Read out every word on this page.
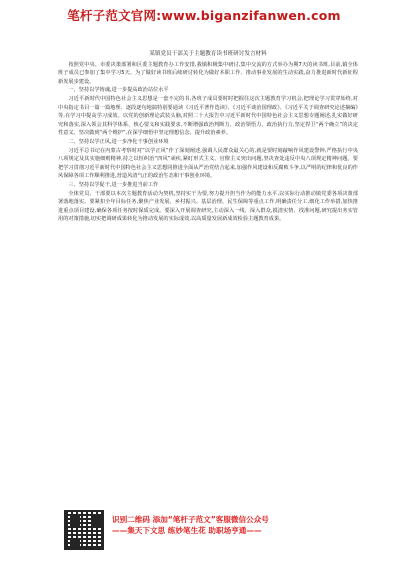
笔杆子范文官网:www.biganzifanwen.com
某镇党员干部关于主题教育读书班研讨发言材料

按照党中央、市委决策部署和区委主题教育办工作安排,我镇积极集中研讨,集中交流的方式举办为期7天的读书班,目前,镇全体班子成员已参加了集中学习5天。为了做好读书班后续研讨转化为做好本职工作、推动事业发展的生动实践,奋力推进新时代新征程新发展步建设。

一、坚持以学铸魂,进一步提高政治站位水平

习近平新时代中国特色社会主义思想是一套不完的书,各班子成员要时时把握住这次主题教育学习机会,把理论学习贯穿始终,对中央指定书目一篇一篇地理、逐段逐句地搞特别要通读《习近平著作选读》、《习近平谈治国理政》、《习近平关于调查研究论述摘编》等,在学习中提高学习成效。以党的创新理论武装头脑,对照二十大报告中习近平新时代中国特色社会主义思想专题阐述,扎实做好研究和落实,深入领会其科学体系、核心要义和实践要求,不断增强政治判断力、政治领悟力、政治执行力,坚定捍卫“两个确立”的决定性意义、坚决做到“两个维护”,在深学细悟中坚定理想信念、提升政治素养。

二、坚持以学正风,进一步净化干事创业环境

习近平总书记在内蒙古考察时对“以学正风”作了深刻阐述,强调人民群众最关心的,就是要时刻敲响作风建设警钟,严格执行中央八项规定及其实施细则精神,持之以恒纠治“四风”顽疾,紧盯形式主义、官僚主义突出问题,坚决查处违反中央八项规定精神问题。要把学习贯彻习近平新时代中国特色社会主义思想同推进全面从严治党结合起来,加强作风建设和反腐败斗争,以严明的纪律和优良的作风保障各项工作顺利推进,营造风清气正的政治生态和干事创业环境。

三、坚持以学促干,进一步推进当前工作

全体党员、干部要以本次主题教育活动为契机,坚持实干为要,努力提升担当作为的能力水平,以实际行动推动镇党委各项决策部署落地落实。要紧扣全年目标任务,聚焦产业发展、乡村振兴、基层治理、民生保障等重点工作,明确责任分工,细化工作举措,加快推进重点项目建设,确保各项任务按时保质完成。要深入开展调查研究,主动深入一线、深入群众,摸清实情、找准问题,研究提出务实管用的对策措施,切实把调研成果转化为推动发展的实际成效,以高质量发展新成效检验主题教育成果。

识别二维码 添加“笔杆子范文”客服微信公众号
——集天下文思 练妙笔生花 助职场亨通——
